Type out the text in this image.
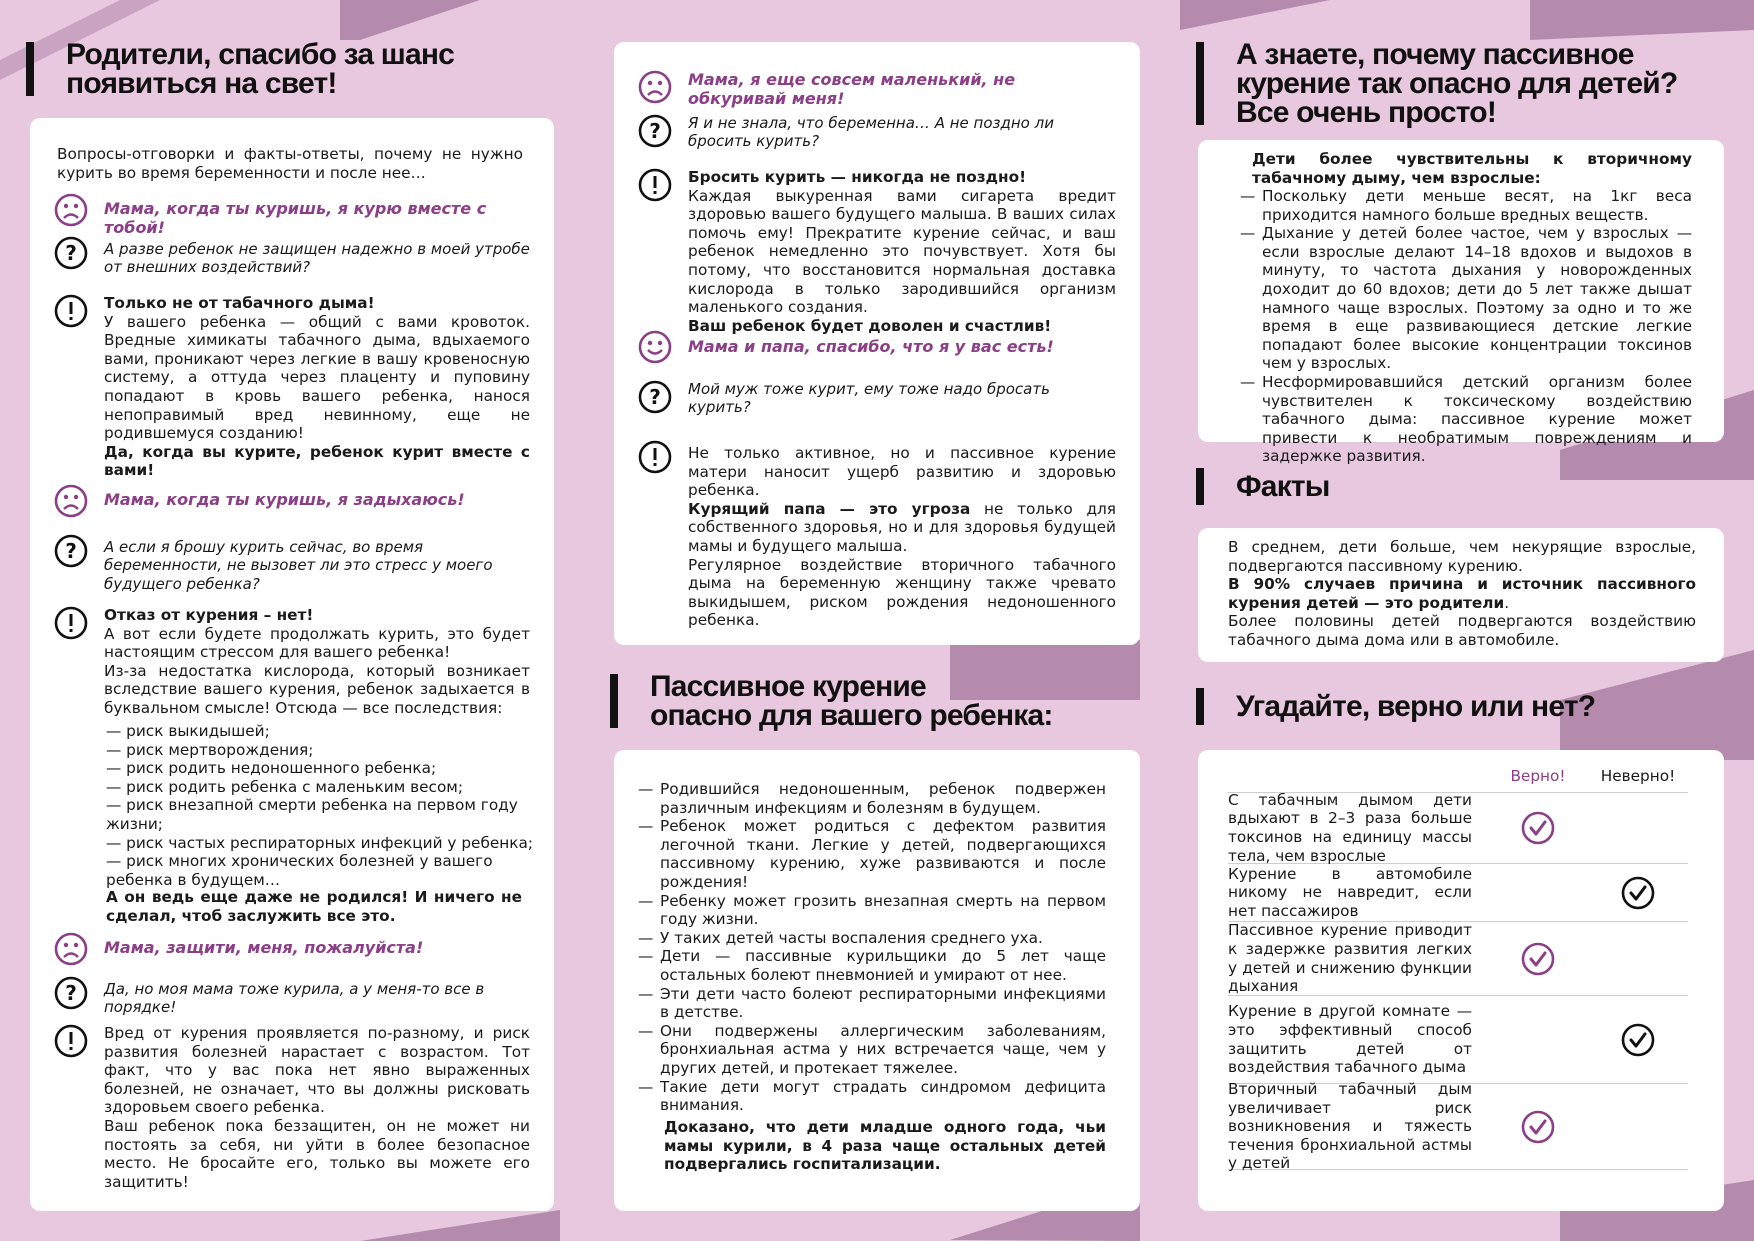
Родители, спасибо за шанс
появиться на свет!
Вопросы-отговорки и факты-ответы, почему не нужно курить во время беременности и после нее…
Мама, когда ты куришь, я курю вместе с тобой!
? А разве ребенок не защищен надежно в моей утробе от внешних воздействий?
Только не от табачного дыма!
У вашего ребенка — общий с вами кровоток. Вредные химикаты табачного дыма, вдыхаемого вами, проникают через легкие в вашу кровеносную систему, а оттуда через плаценту и пуповину попадают в кровь вашего ребенка, нанося непоправимый вред невинному, еще не родившемуся созданию!
Да, когда вы курите, ребенок курит вместе с вами!
Мама, когда ты куришь, я задыхаюсь!
? А если я брошу курить сейчас, во время беременности, не вызовет ли это стресс у моего будущего ребенка?
Отказ от курения – нет!
А вот если будете продолжать курить, это будет настоящим стрессом для вашего ребенка!
Из-за недостатка кислорода, который возникает вследствие вашего курения, ребенок задыхается в буквальном смысле! Отсюда — все последствия:
— риск выкидышей;
— риск мертворождения;
— риск родить недоношенного ребенка;
— риск родить ребенка с маленьким весом;
— риск внезапной смерти ребенка на первом году жизни;
— риск частых респираторных инфекций у ребенка;
— риск многих хронических болезней у вашего ребенка в будущем…
А он ведь еще даже не родился! И ничего не сделал, чтоб заслужить все это.
Мама, защити, меня, пожалуйста!
? Да, но моя мама тоже курила, а у меня-то все в порядке!
Вред от курения проявляется по-разному, и риск развития болезней нарастает с возрастом. Тот факт, что у вас пока нет явно выраженных болезней, не означает, что вы должны рисковать здоровьем своего ребенка.
Ваш ребенок пока беззащитен, он не может ни постоять за себя, ни уйти в более безопасное место. Не бросайте его, только вы можете его защитить!
Мама, я еще совсем маленький, не обкуривай меня!
? Я и не знала, что беременна… А не поздно ли бросить курить?
Бросить курить — никогда не поздно!
Каждая выкуренная вами сигарета вредит здоровью вашего будущего малыша. В ваших силах помочь ему! Прекратите курение сейчас, и ваш ребенок немедленно это почувствует. Хотя бы потому, что восстановится нормальная доставка кислорода в только зародившийся организм маленького создания.
Ваш ребенок будет доволен и счастлив!
Мама и папа, спасибо, что я у вас есть!
? Мой муж тоже курит, ему тоже надо бросать курить?
Не только активное, но и пассивное курение матери наносит ущерб развитию и здоровью ребенка.
Курящий папа — это угроза не только для собственного здоровья, но и для здоровья будущей мамы и будущего малыша.
Регулярное воздействие вторичного табачного дыма на беременную женщину также чревато выкидышем, риском рождения недоношенного ребенка.
Пассивное курение
опасно для вашего ребенка:
— Родившийся недоношенным, ребенок подвержен различным инфекциям и болезням в будущем.
— Ребенок может родиться с дефектом развития легочной ткани. Легкие у детей, подвергающихся пассивному курению, хуже развиваются и после рождения!
— Ребенку может грозить внезапная смерть на первом году жизни.
— У таких детей часты воспаления среднего уха.
— Дети — пассивные курильщики до 5 лет чаще остальных болеют пневмонией и умирают от нее.
— Эти дети часто болеют респираторными инфекциями в детстве.
— Они подвержены аллергическим заболеваниям, бронхиальная астма у них встречается чаще, чем у других детей, и протекает тяжелее.
— Такие дети могут страдать синдромом дефицита внимания.
Доказано, что дети младше одного года, чьи мамы курили, в 4 раза чаще остальных детей подвергались госпитализации.
А знаете, почему пассивное
курение так опасно для детей?
Все очень просто!
Дети более чувствительны к вторичному табачному дыму, чем взрослые:
— Поскольку дети меньше весят, на 1кг веса приходится намного больше вредных веществ.
— Дыхание у детей более частое, чем у взрослых — если взрослые делают 14–18 вдохов и выдохов в минуту, то частота дыхания у новорожденных доходит до 60 вдохов; дети до 5 лет также дышат намного чаще взрослых. Поэтому за одно и то же время в еще развивающиеся детские легкие попадают более высокие концентрации токсинов чем у взрослых.
— Несформировавшийся детский организм более чувствителен к токсическому воздействию табачного дыма: пассивное курение может привести к необратимым повреждениям и задержке развития.
Факты
В среднем, дети больше, чем некурящие взрослые, подвергаются пассивному курению.
В 90% случаев причина и источник пассивного курения детей — это родители.
Более половины детей подвергаются воздействию табачного дыма дома или в автомобиле.
Угадайте, верно или нет?
Верно!	Неверно!
С табачным дымом дети вдыхают в 2–3 раза больше токсинов на единицу массы тела, чем взрослые
Курение в автомобиле никому не навредит, если нет пассажиров
Пассивное курение приводит к задержке развития легких у детей и снижению функции дыхания
Курение в другой комнате — это эффективный способ защитить детей от воздействия табачного дыма
Вторичный табачный дым увеличивает риск возникновения и тяжесть течения бронхиальной астмы у детей
